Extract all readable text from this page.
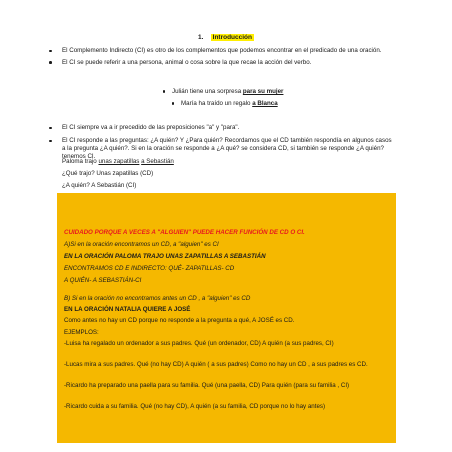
1. Introducción
El Complemento Indirecto (CI) es otro de los complementos que podemos encontrar en el predicado de una oración.
El CI se puede referir a una persona, animal o cosa sobre la que recae la acción del verbo.
Julián tiene una sorpresa para su mujer
María ha traído un regalo a Blanca
El CI siempre va a ir precedido de las preposiciones "a" y "para".
El CI responde a las preguntas: ¿A quién? Y ¿Para quién? Recordamos que el CD también respondía en algunos casos a la pregunta ¿A quién?. Si en la oración se responde a ¿A qué? se considera CD, si también se responde ¿A quién? tenemos CI.
Paloma trajo unas zapatillas a Sebastián
¿Qué trajo? Unas zapatillas (CD)
¿A quién? A Sebastián (CI)
CUIDADO PORQUE A VECES A "ALGUIEN" PUEDE HACER FUNCIÓN DE CD O CI.
A)Si en la oración encontramos un CD, a "alguien" es CI
EN LA ORACIÓN PALOMA TRAJO UNAS ZAPATILLAS A SEBASTIÁN
ENCONTRAMOS CD E INDIRECTO: QUÉ- ZAPATILLAS- CD
A QUIÉN- A SEBASTIÁN-CI
B) Si en la oración no encontramos antes un CD , a "alguien" es CD
EN LA ORACIÓN NATALIA QUIERE A JOSÉ
Como antes no hay un CD porque no responde a la pregunta a qué, A JOSÉ es CD.
EJEMPLOS:
-Luisa ha regalado un ordenador a sus padres. Qué (un ordenador, CD) A quién (a sus padres, CI)
-Lucas mira a sus padres. Qué (no hay CD) A quién ( a sus padres) Como no hay un CD , a sus padres es CD.
-Ricardo ha preparado una paella para su familia. Qué (una paella, CD) Para quién (para su familia , CI)
-Ricardo cuida a su familia. Qué (no hay CD), A quién (a su familia, CD porque no lo hay antes)
